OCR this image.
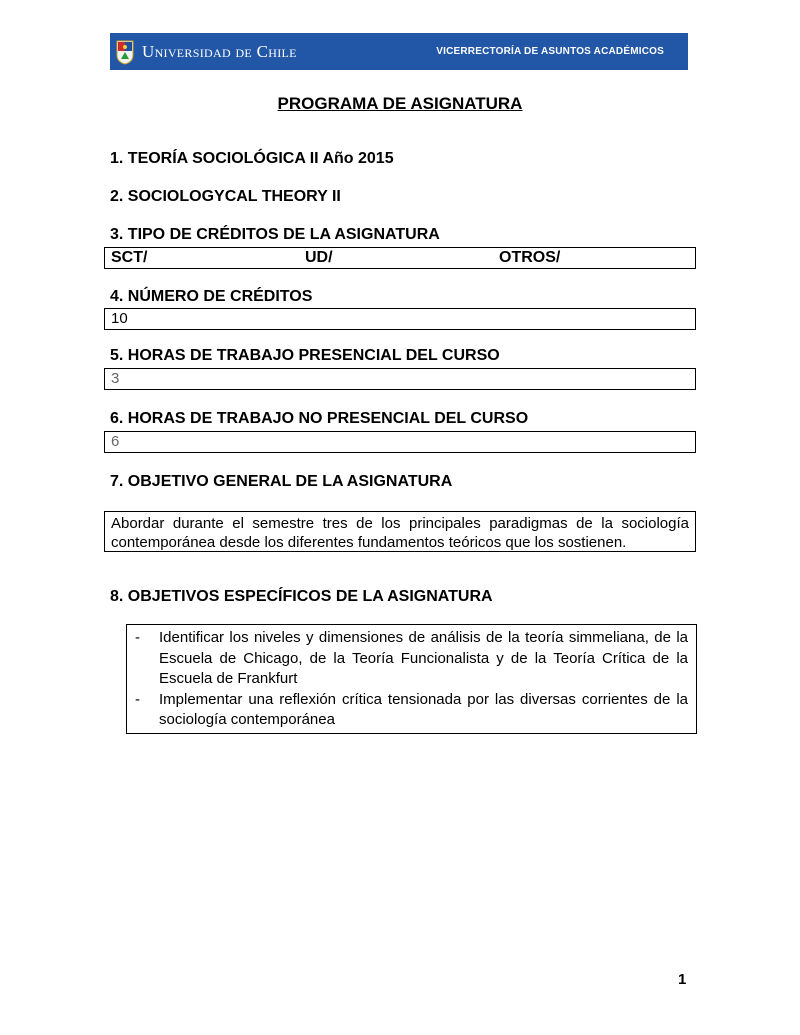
Universidad de Chile	VICERRECTORÍA DE ASUNTOS ACADÉMICOS
PROGRAMA DE ASIGNATURA
1. TEORÍA SOCIOLÓGICA II Año 2015
2. SOCIOLOGYCAL THEORY II
3. TIPO DE CRÉDITOS DE LA ASIGNATURA
SCT/	UD/	OTROS/
4. NÚMERO DE CRÉDITOS
10
5. HORAS DE TRABAJO PRESENCIAL DEL CURSO
3
6. HORAS DE TRABAJO NO PRESENCIAL DEL CURSO
6
7. OBJETIVO GENERAL DE LA ASIGNATURA
Abordar durante el semestre tres de los principales paradigmas de la sociología contemporánea desde los diferentes fundamentos teóricos que los sostienen.
8. OBJETIVOS ESPECÍFICOS DE LA ASIGNATURA
- Identificar los niveles y dimensiones de análisis de la teoría simmeliana, de la Escuela de Chicago, de la Teoría Funcionalista y de la Teoría Crítica de la Escuela de Frankfurt
- Implementar una reflexión crítica tensionada por las diversas corrientes de la sociología contemporánea
1
